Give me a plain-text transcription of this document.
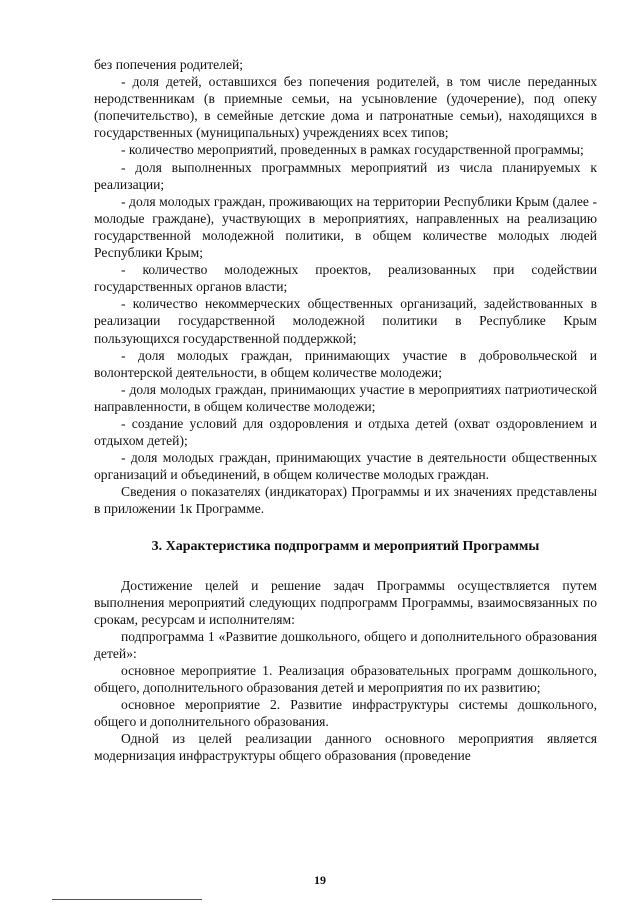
без попечения родителей;

- доля детей, оставшихся без попечения родителей, в том числе переданных неродственникам (в приемные семьи, на усыновление (удочерение), под опеку (попечительство), в семейные детские дома и патронатные семьи), находящихся в государственных (муниципальных) учреждениях всех типов;

- количество мероприятий, проведенных в рамках государственной программы;

- доля выполненных программных мероприятий из числа планируемых к реализации;

- доля молодых граждан, проживающих на территории Республики Крым (далее - молодые граждане), участвующих в мероприятиях, направленных на реализацию государственной молодежной политики, в общем количестве молодых людей Республики Крым;

- количество молодежных проектов, реализованных при содействии государственных органов власти;

- количество некоммерческих общественных организаций, задействованных в реализации государственной молодежной политики в Республике Крым пользующихся государственной поддержкой;

- доля молодых граждан, принимающих участие в добровольческой и волонтерской деятельности, в общем количестве молодежи;

- доля молодых граждан, принимающих участие в мероприятиях патриотической направленности, в общем количестве молодежи;

- создание условий для оздоровления и отдыха детей (охват оздоровлением и отдыхом детей);

- доля молодых граждан, принимающих участие в деятельности общественных организаций и объединений, в общем количестве молодых граждан.

Сведения о показателях (индикаторах) Программы и их значениях представлены в приложении 1к Программе.

3. Характеристика подпрограмм и мероприятий Программы

Достижение целей и решение задач Программы осуществляется путем выполнения мероприятий следующих подпрограмм Программы, взаимосвязанных по срокам, ресурсам и исполнителям:

подпрограмма 1 «Развитие дошкольного, общего и дополнительного образования детей»:

основное мероприятие 1. Реализация образовательных программ дошкольного, общего, дополнительного образования детей и мероприятия по их развитию;

основное мероприятие 2. Развитие инфраструктуры системы дошкольного, общего и дополнительного образования.

Одной из целей реализации данного основного мероприятия является модернизация инфраструктуры общего образования (проведение

19
